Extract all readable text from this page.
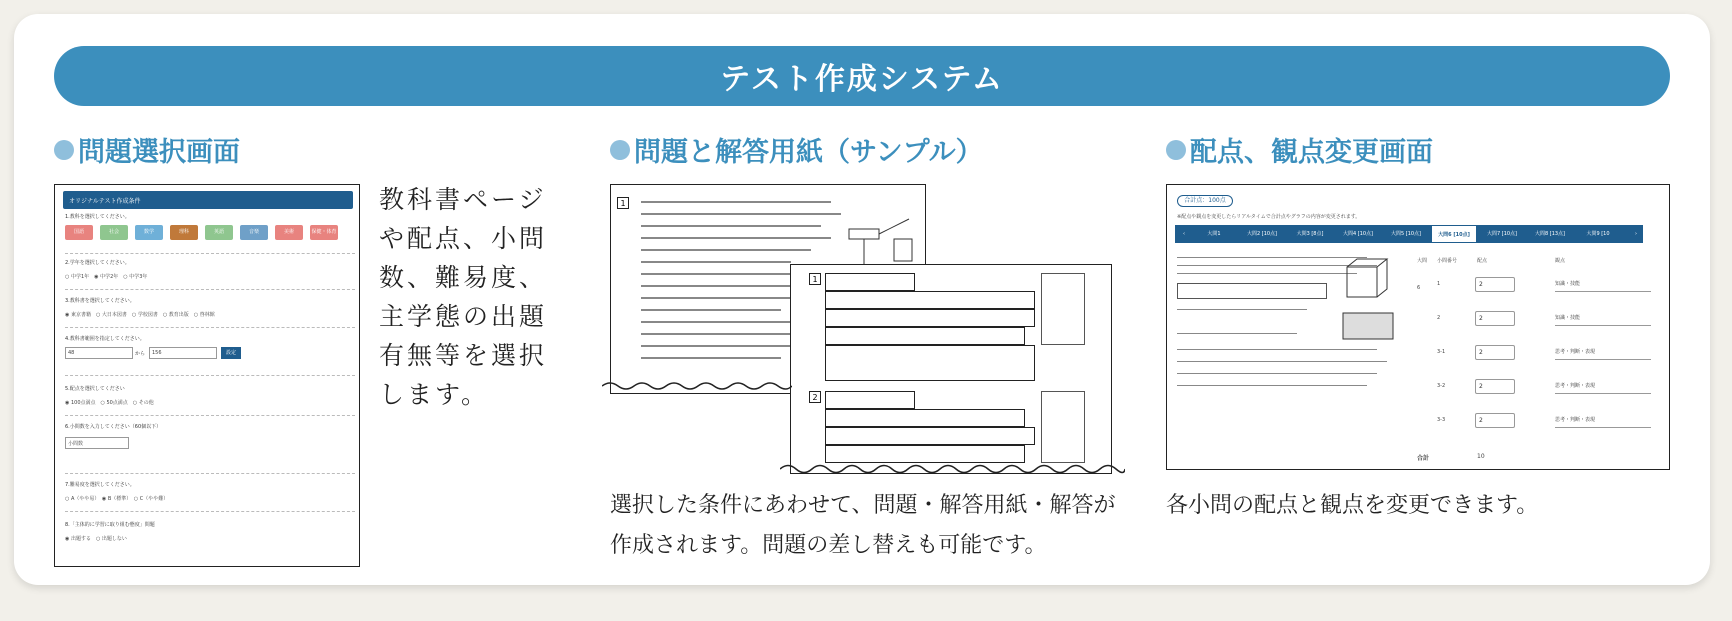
テスト作成システム
問題選択画面
オリジナルテスト作成条件
1.教科を選択してください。
国語	社会	数学	理科	英語	音楽	美術	保健・体育
2.学年を選択してください。
○ 中学1年　◉ 中学2年　○ 中学3年
3.教科書を選択してください。
◉ 東京書籍　○ 大日本図書　○ 学校図書　○ 教育出版　○ 啓林館
4.教科書範囲を指定してください。
48	から	156	設定
5.配点を選択してください
◉ 100点満点　○ 50点満点　○ その他
6.小問数を入力してください（60個以下）
小問数
7.難易度を選択してください。
○ A（やや易）　◉ B（標準）　○ C（やや難）
8.「主体的に学習に取り組む態度」問題
◉ 出題する　○ 出題しない
教科書ページや配点、小問数、難易度、主学態の出題有無等を選択します。
問題と解答用紙（サンプル）
1
1
2
選択した条件にあわせて、問題・解答用紙・解答が作成されます。問題の差し替えも可能です。
配点、観点変更画面
合計点：100点
※配点や観点を変更したらリアルタイムで合計点やグラフの内容が変更されます。
‹	大問1	大問2 [10点]	大問3 [8点]	大問4 [10点]	大問5 [10点]	大問6 [10点]	大問7 [10点]	大問8 [13点]	大問9 [10	›
大問 小問番号	配点	観点
6
1	2	知識・技能
2	2	知識・技能
3-1	2	思考・判断・表現
3-2	2	思考・判断・表現
3-3	2	思考・判断・表現
合計	10
各小問の配点と観点を変更できます。
